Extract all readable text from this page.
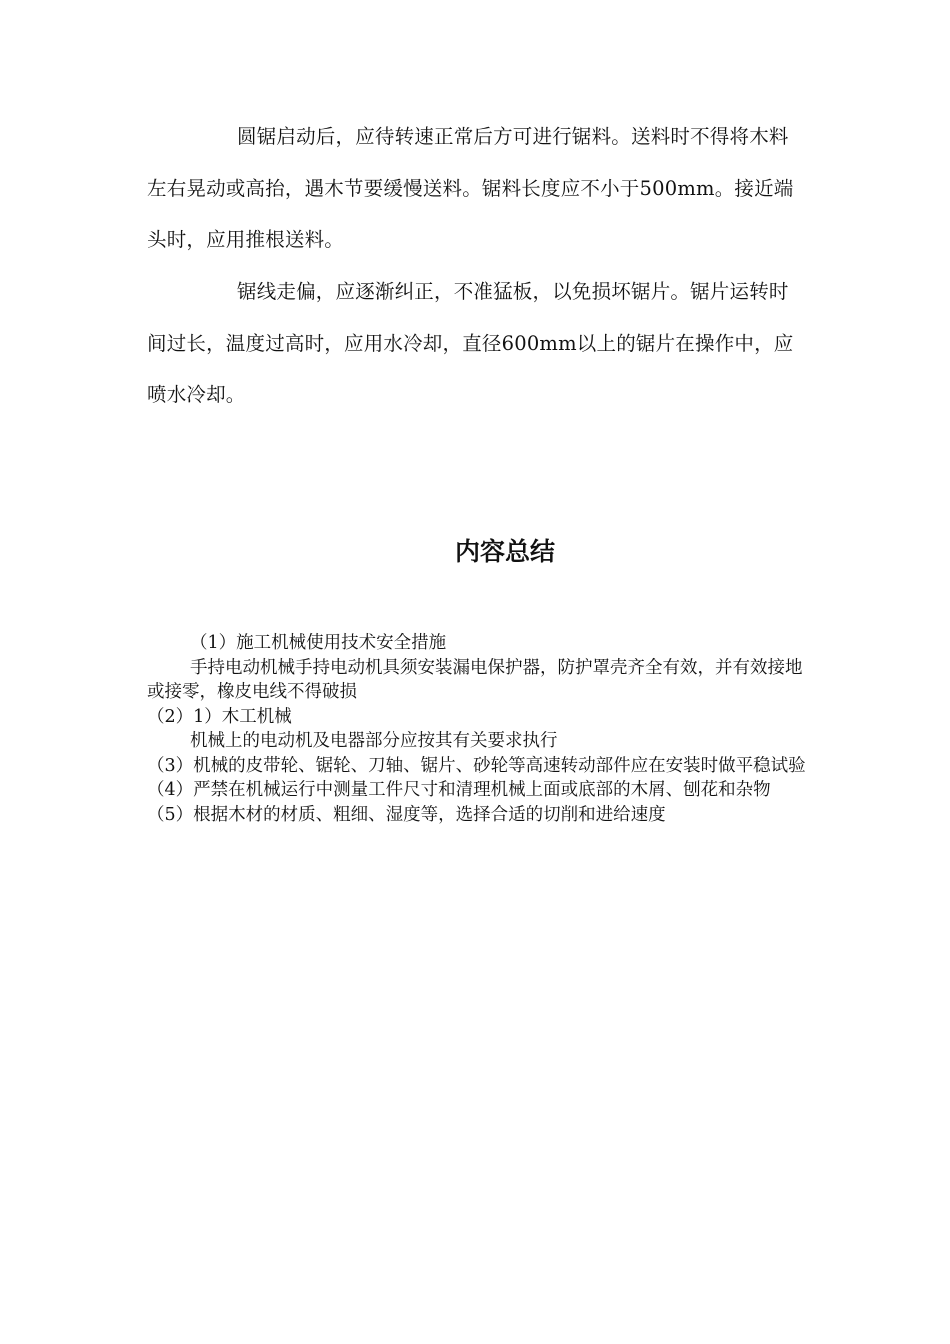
圆锯启动后，应待转速正常后方可进行锯料。送料时不得将木料左右晃动或高抬，遇木节要缓慢送料。锯料长度应不小于500mm。接近端头时，应用推根送料。

锯线走偏，应逐渐纠正，不准猛板，以免损坏锯片。锯片运转时间过长，温度过高时，应用水冷却，直径600mm以上的锯片在操作中，应喷水冷却。

内容总结
（1）施工机械使用技术安全措施
手持电动机械手持电动机具须安装漏电保护器，防护罩壳齐全有效，并有效接地或接零，橡皮电线不得破损
（2）1）木工机械
机械上的电动机及电器部分应按其有关要求执行
（3）机械的皮带轮、锯轮、刀轴、锯片、砂轮等高速转动部件应在安装时做平稳试验
（4）严禁在机械运行中测量工件尺寸和清理机械上面或底部的木屑、刨花和杂物
（5）根据木材的材质、粗细、湿度等，选择合适的切削和进给速度
